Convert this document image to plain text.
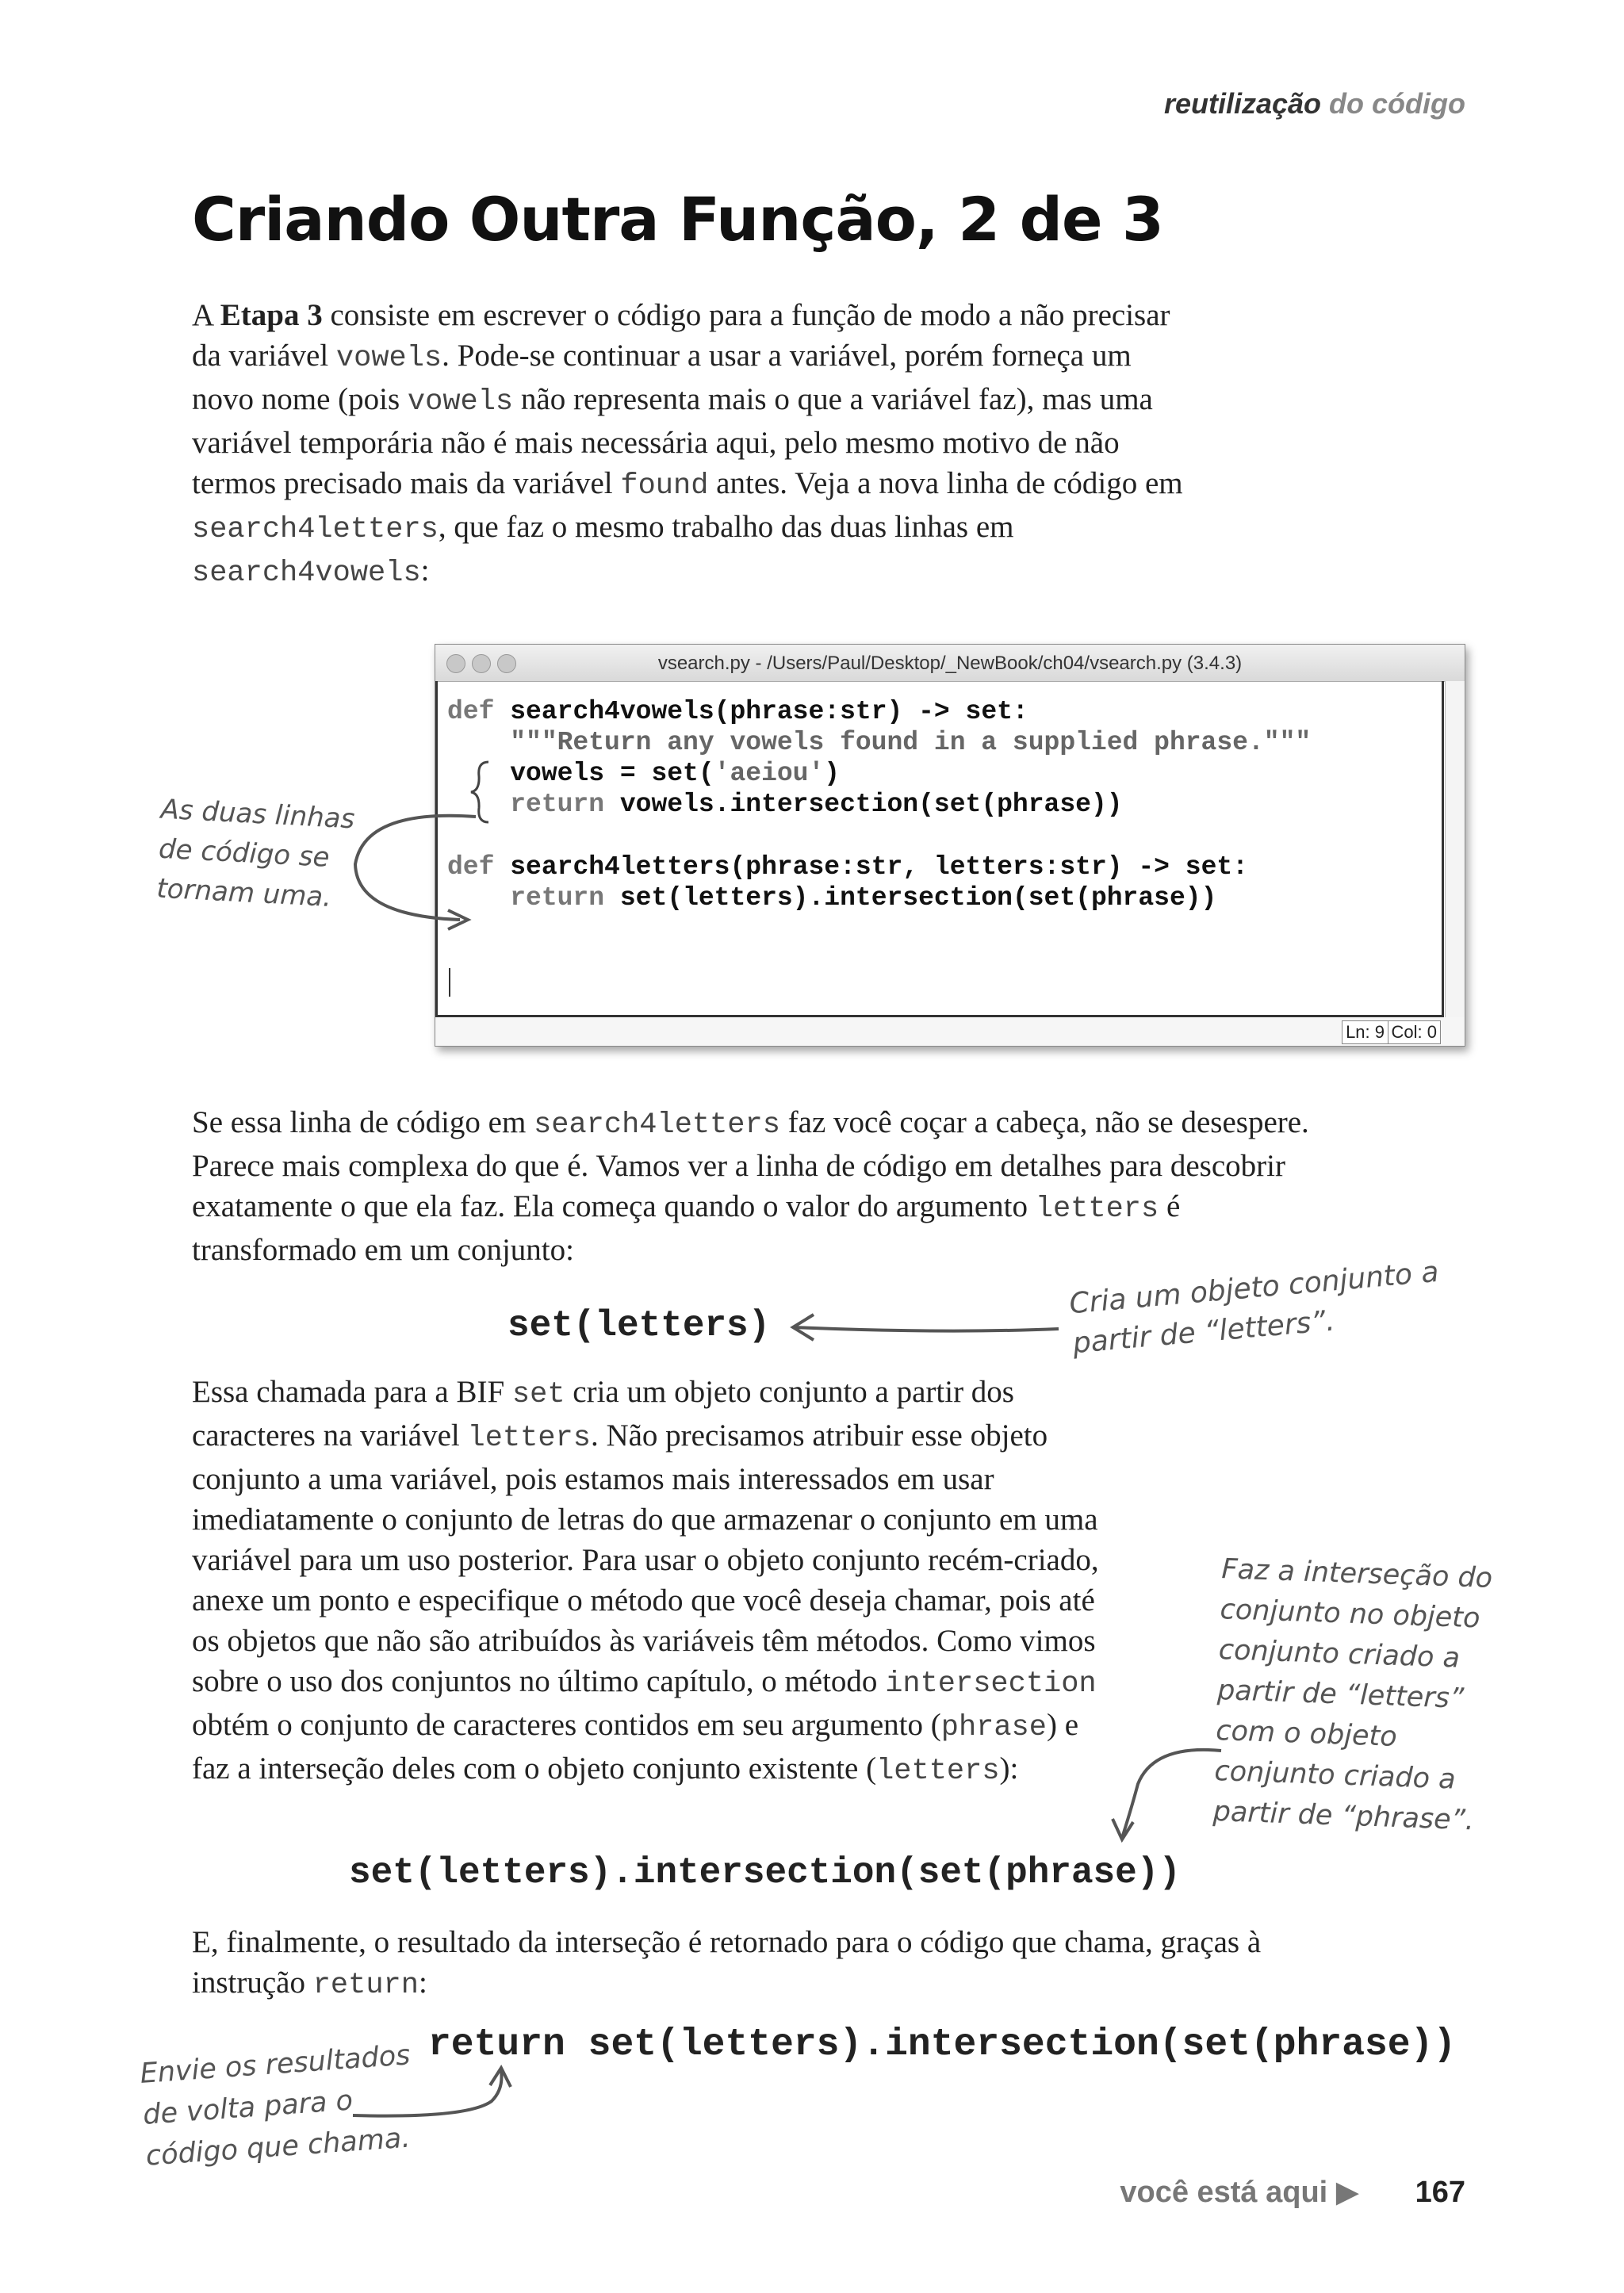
reutilização do código
Criando Outra Função, 2 de 3

A Etapa 3 consiste em escrever o código para a função de modo a não precisar da variável vowels. Pode-se continuar a usar a variável, porém forneça um novo nome (pois vowels não representa mais o que a variável faz), mas uma variável temporária não é mais necessária aqui, pelo mesmo motivo de não termos precisado mais da variável found antes. Veja a nova linha de código em search4letters, que faz o mesmo trabalho das duas linhas em search4vowels:

vsearch.py - /Users/Paul/Desktop/_NewBook/ch04/vsearch.py (3.4.3)
def search4vowels(phrase:str) -> set:
"""Return any vowels found in a supplied phrase."""
vowels = set('aeiou')
return vowels.intersection(set(phrase))
def search4letters(phrase:str, letters:str) -> set:
return set(letters).intersection(set(phrase))
Ln: 9 Col: 0
As duas linhas
de código se
tornam uma.

Se essa linha de código em search4letters faz você coçar a cabeça, não se desespere. Parece mais complexa do que é. Vamos ver a linha de código em detalhes para descobrir exatamente o que ela faz. Ela começa quando o valor do argumento letters é transformado em um conjunto:

set(letters)
Cria um objeto conjunto a
partir de “letters”.

Essa chamada para a BIF set cria um objeto conjunto a partir dos caracteres na variável letters. Não precisamos atribuir esse objeto conjunto a uma variável, pois estamos mais interessados em usar imediatamente o conjunto de letras do que armazenar o conjunto em uma variável para um uso posterior. Para usar o objeto conjunto recém-criado, anexe um ponto e especifique o método que você deseja chamar, pois até os objetos que não são atribuídos às variáveis têm métodos. Como vimos sobre o uso dos conjuntos no último capítulo, o método intersection obtém o conjunto de caracteres contidos em seu argumento (phrase) e faz a interseção deles com o objeto conjunto existente (letters):

Faz a interseção do
conjunto no objeto
conjunto criado a
partir de “letters”
com o objeto
conjunto criado a
partir de “phrase”.
set(letters).intersection(set(phrase))

E, finalmente, o resultado da interseção é retornado para o código que chama, graças à instrução return:

return set(letters).intersection(set(phrase))
Envie os resultados
de volta para o
código que chama.
você está aqui ▶ 167
